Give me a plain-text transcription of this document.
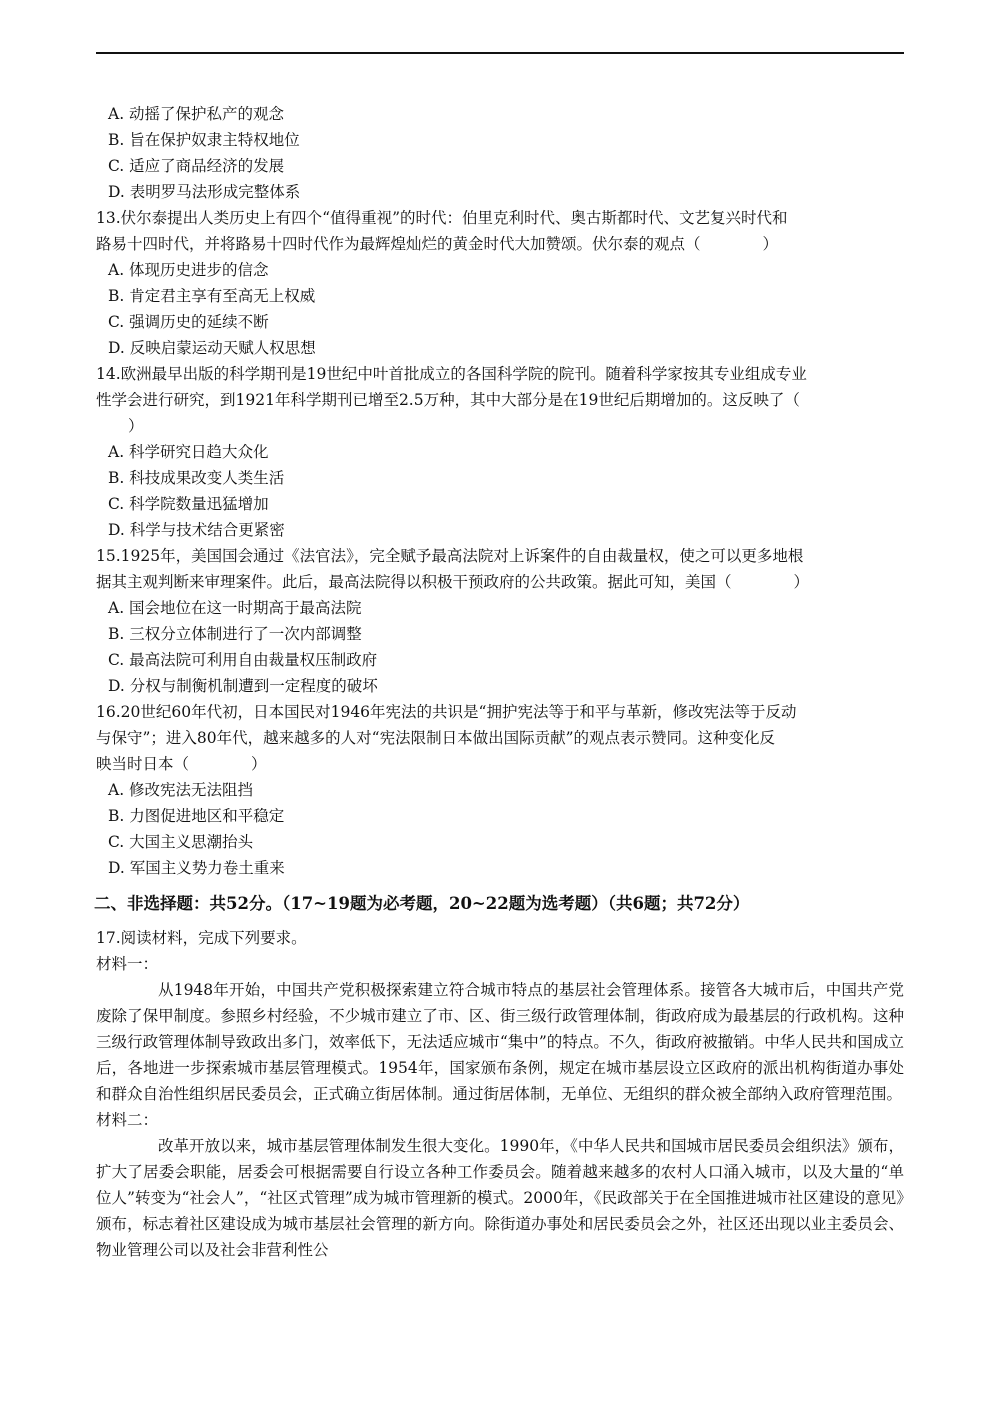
A. 动摇了保护私产的观念

B. 旨在保护奴隶主特权地位

C. 适应了商品经济的发展

D. 表明罗马法形成完整体系

13.伏尔泰提出人类历史上有四个“值得重视”的时代：伯里克利时代、奥古斯都时代、文艺复兴时代和

路易十四时代，并将路易十四时代作为最辉煌灿烂的黄金时代大加赞颂。伏尔泰的观点（　　　　）

A. 体现历史进步的信念

B. 肯定君主享有至高无上权威

C. 强调历史的延续不断

D. 反映启蒙运动天赋人权思想

14.欧洲最早出版的科学期刊是19世纪中叶首批成立的各国科学院的院刊。随着科学家按其专业组成专业

性学会进行研究，到1921年科学期刊已增至2.5万种，其中大部分是在19世纪后期增加的。这反映了（

）

A. 科学研究日趋大众化

B. 科技成果改变人类生活

C. 科学院数量迅猛增加

D. 科学与技术结合更紧密

15.1925年，美国国会通过《法官法》，完全赋予最高法院对上诉案件的自由裁量权，使之可以更多地根

据其主观判断来审理案件。此后，最高法院得以积极干预政府的公共政策。据此可知，美国（　　　　）

A. 国会地位在这一时期高于最高法院

B. 三权分立体制进行了一次内部调整

C. 最高法院可利用自由裁量权压制政府

D. 分权与制衡机制遭到一定程度的破坏

16.20世纪60年代初，日本国民对1946年宪法的共识是“拥护宪法等于和平与革新，修改宪法等于反动

与保守”；进入80年代，越来越多的人对“宪法限制日本做出国际贡献”的观点表示赞同。这种变化反

映当时日本（　　　　）

A. 修改宪法无法阻挡

B. 力图促进地区和平稳定

C. 大国主义思潮抬头

D. 军国主义势力卷土重来

二、非选择题：共52分。（17~19题为必考题，20~22题为选考题）（共6题；共72分）

17.阅读材料，完成下列要求。

材料一：

从1948年开始，中国共产党积极探索建立符合城市特点的基层社会管理体系。接管各大城市后，中国共产党废除了保甲制度。参照乡村经验，不少城市建立了市、区、街三级行政管理体制，街政府成为最基层的行政机构。这种三级行政管理体制导致政出多门，效率低下，无法适应城市“集中”的特点。不久，街政府被撤销。中华人民共和国成立后，各地进一步探索城市基层管理模式。1954年，国家颁布条例，规定在城市基层设立区政府的派出机构街道办事处和群众自治性组织居民委员会，正式确立街居体制。通过街居体制，无单位、无组织的群众被全部纳入政府管理范围。

材料二：

改革开放以来，城市基层管理体制发生很大变化。1990年，《中华人民共和国城市居民委员会组织法》颁布，扩大了居委会职能，居委会可根据需要自行设立各种工作委员会。随着越来越多的农村人口涌入城市，以及大量的“单位人”转变为“社会人”，“社区式管理”成为城市管理新的模式。2000年，《民政部关于在全国推进城市社区建设的意见》颁布，标志着社区建设成为城市基层社会管理的新方向。除街道办事处和居民委员会之外，社区还出现以业主委员会、物业管理公司以及社会非营利性公
